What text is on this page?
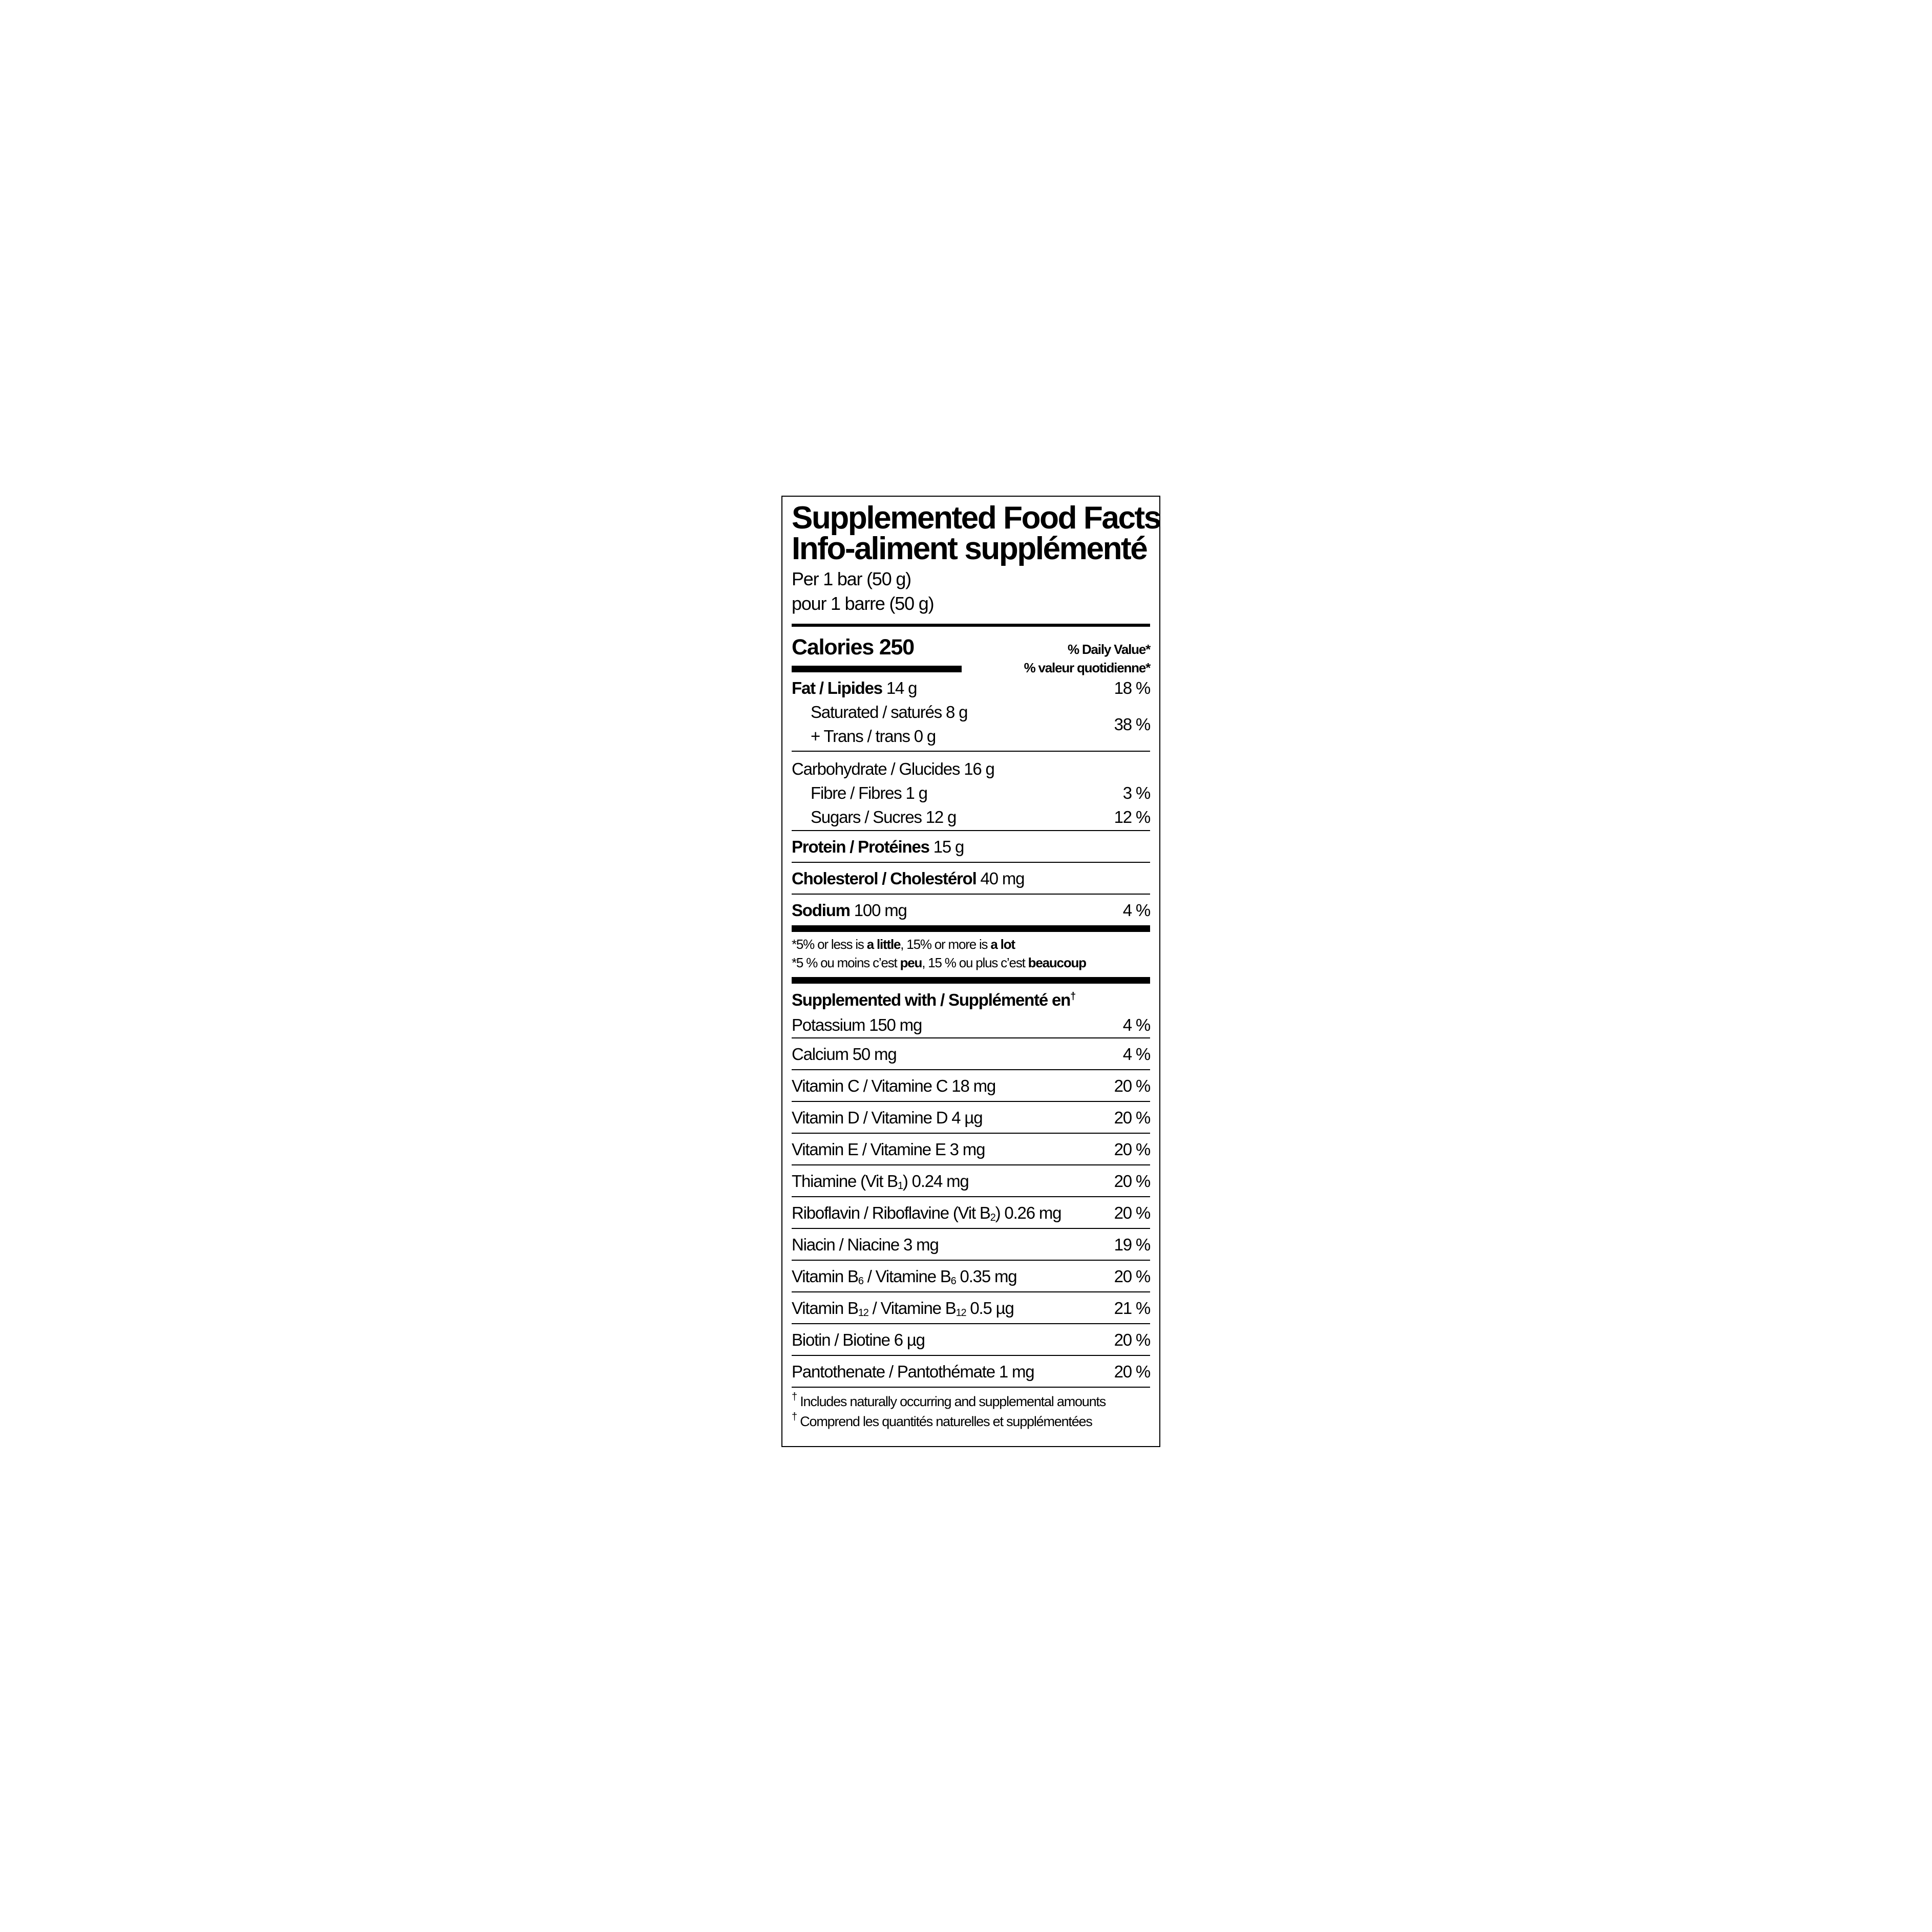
Supplemented Food Facts
Info-aliment supplémenté
Per 1 bar (50 g)
pour 1 barre (50 g)
Calories 250	% Daily Value*
% valeur quotidienne*
Fat / Lipides 14 g	18 %
Saturated / saturés 8 g
+ Trans / trans 0 g
38 %
Carbohydrate / Glucides 16 g
Fibre / Fibres 1 g	3 %
Sugars / Sucres 12 g	12 %
Protein / Protéines 15 g
Cholesterol / Cholestérol 40 mg
Sodium 100 mg	4 %
*5% or less is a little, 15% or more is a lot
*5 % ou moins c’est peu, 15 % ou plus c’est beaucoup
Supplemented with / Supplémenté en†
Potassium 150 mg	4 %
Calcium 50 mg	4 %
Vitamin C / Vitamine C 18 mg	20 %
Vitamin D / Vitamine D 4 µg	20 %
Vitamin E / Vitamine E 3 mg	20 %
Thiamine (Vit $B_1$) 0.24 mg	20 %
Riboflavin / Riboflavine (Vit $B_2$) 0.26 mg	20 %
Niacin / Niacine 3 mg	19 %
Vitamin $B_6$ / Vitamine $B_6$ 0.35 mg	20 %
Vitamin $B_{12}$ / Vitamine $B_{12}$ 0.5 µg	21 %
Biotin / Biotine 6 µg	20 %
Pantothenate / Pantothémate 1 mg	20 %
† Includes naturally occurring and supplemental amounts
† Comprend les quantités naturelles et supplémentées
